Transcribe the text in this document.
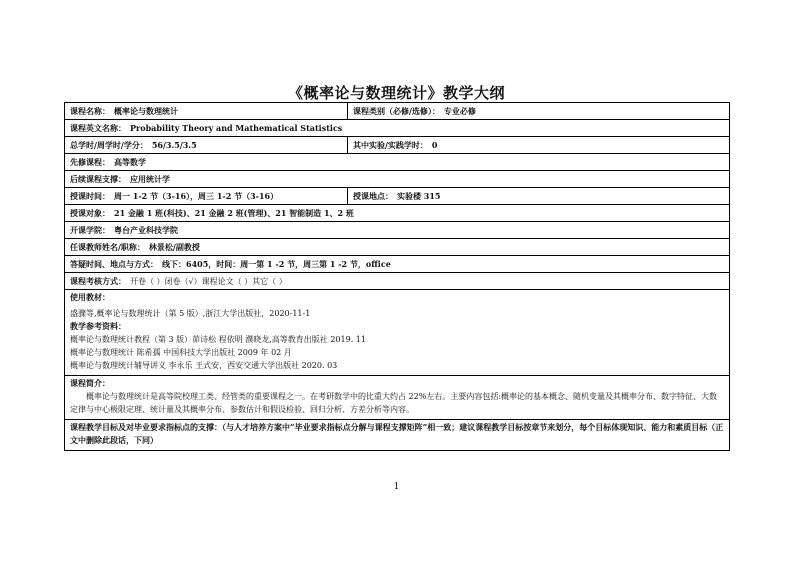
《概率论与数理统计》教学大纲
课程名称： 概率论与数理统计	课程类别（必修/选修）： 专业必修
课程英文名称： Probability Theory and Mathematical Statistics
总学时/周学时/学分： 56/3.5/3.5	其中实验/实践学时： 0
先修课程： 高等数学
后续课程支撑： 应用统计学
授课时间： 周一 1-2 节（3-16），周三 1-2 节（3-16）	授课地点： 实验楼 315
授课对象： 21 金融 1 班(科技)、21 金融 2 班(管理)、21 智能制造 1、2 班
开课学院： 粤台产业科技学院
任课教师姓名/职称： 林景松/副教授
答疑时间、地点与方式： 线下：6405，时间：周一第 1 -2 节，周三第 1 -2 节，office
课程考核方式： 开卷（ ）闭卷（√）课程论文（ ）其它（ ）
使用教材：
盛骤等,概率论与数理统计（第 5 版）,浙江大学出版社，2020-11-1
教学参考资料：
概率论与数理统计教程（第 3 版）茆诗松 程依明 濮晓龙,高等教育出版社 2019. 11
概率论与数理统计 陈希孺 中国科技大学出版社 2009 年 02 月
概率论与数理统计辅导讲义 李永乐 王式安，西安交通大学出版社 2020. 03
课程简介：
概率论与数理统计是高等院校理工类、经管类的重要课程之一。在考研数学中的比重大约占 22%左右。主要内容包括:概率论的基本概念、随机变量及其概率分布、数字特征、大数定律与中心极限定理、统计量及其概率分布、参数估计和假设检验、回归分析、方差分析等内容。
课程教学目标及对毕业要求指标点的支撑：（与人才培养方案中“毕业要求指标点分解与课程支撑矩阵”相一致；建议课程教学目标按章节来划分，每个目标体现知识、能力和素质目标（正文中删除此段话，下同）
1
